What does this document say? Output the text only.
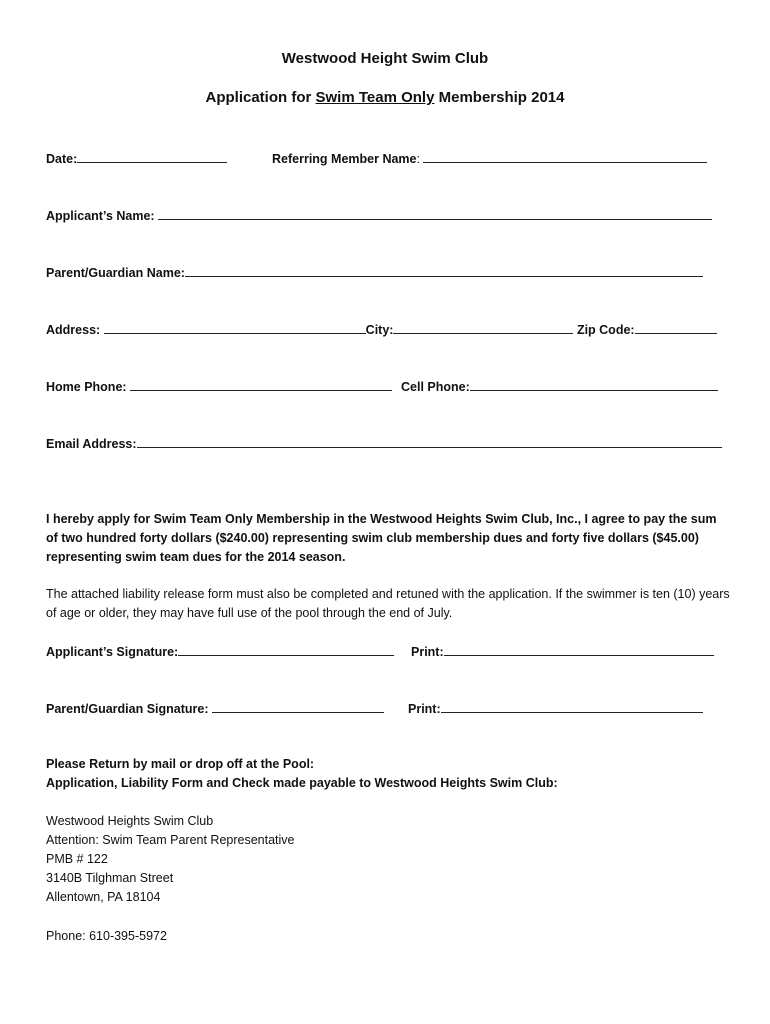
Westwood Height Swim Club
Application for Swim Team Only Membership 2014
Date:	Referring Member Name:
Applicant’s Name:
Parent/Guardian Name:
Address:	City:	Zip Code:
Home Phone:	Cell Phone:
Email Address:
I hereby apply for Swim Team Only Membership in the Westwood Heights Swim Club, Inc., I agree to pay the sum of two hundred forty dollars ($240.00) representing swim club membership dues and forty five dollars ($45.00) representing swim team dues for the 2014 season.
The attached liability release form must also be completed and retuned with the application. If the swimmer is ten (10) years of age or older, they may have full use of the pool through the end of July.
Applicant’s Signature:	Print:
Parent/Guardian Signature:	Print:
Please Return by mail or drop off at the Pool:
Application, Liability Form and Check made payable to Westwood Heights Swim Club:
Westwood Heights Swim Club
Attention: Swim Team Parent Representative
PMB # 122
3140B Tilghman Street
Allentown, PA 18104
Phone: 610-395-5972
